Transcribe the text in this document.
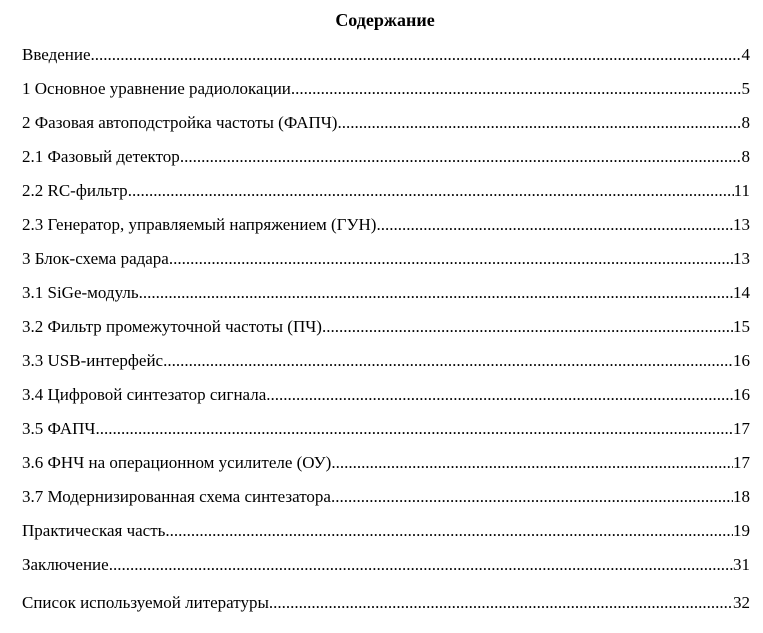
Содержание
Введение .....	4
1 Основное уравнение радиолокации .....	5
2 Фазовая автоподстройка частоты (ФАПЧ) .....	8
2.1 Фазовый детектор .....	8
2.2 RC-фильтр .....	11
2.3 Генератор, управляемый напряжением (ГУН) .....	13
3 Блок-схема радара .....	13
3.1 SiGe-модуль .....	14
3.2 Фильтр промежуточной частоты (ПЧ) .....	15
3.3 USB-интерфейс .....	16
3.4 Цифровой синтезатор сигнала .....	16
3.5 ФАПЧ .....	17
3.6 ФНЧ на операционном усилителе (ОУ) .....	17
3.7 Модернизированная схема синтезатора .....	18
Практическая часть .....	19
Заключение .....	31
Список используемой литературы .....	32
